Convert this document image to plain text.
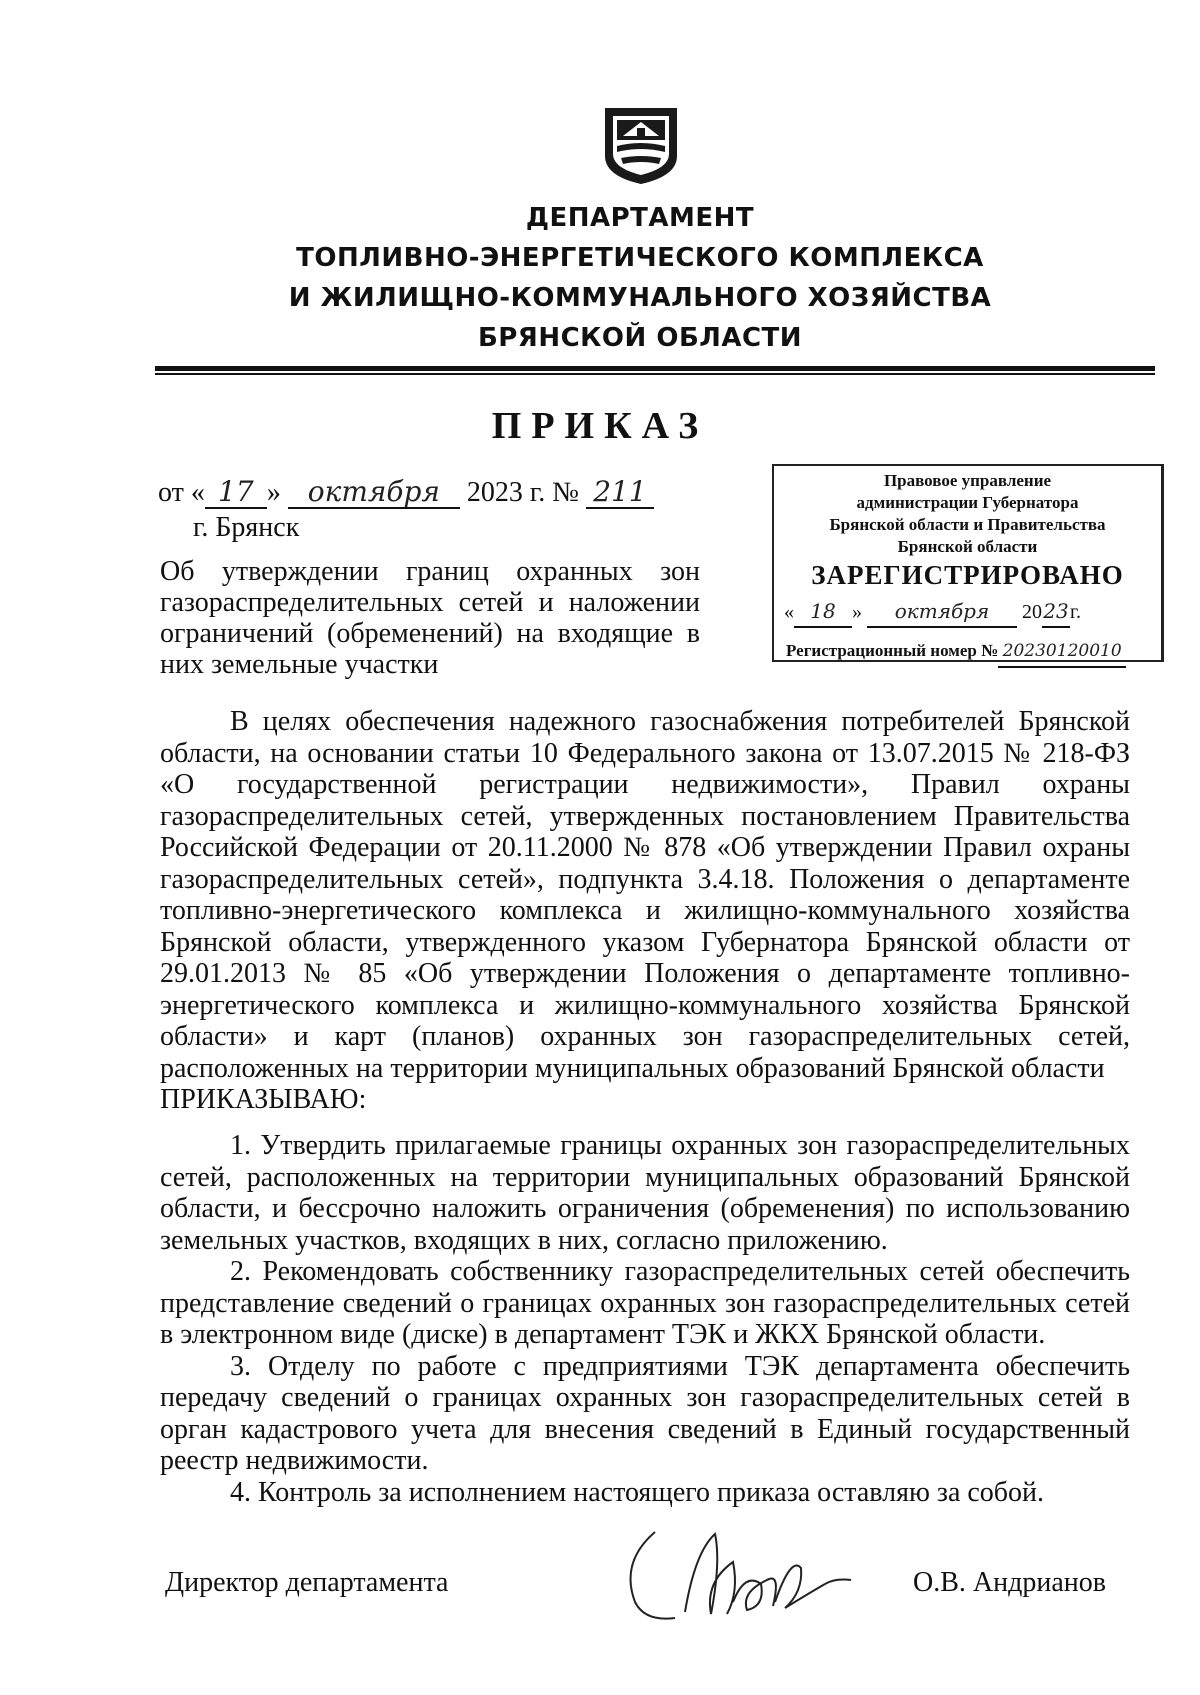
ДЕПАРТАМЕНТ
ТОПЛИВНО-ЭНЕРГЕТИЧЕСКОГО КОМПЛЕКСА
И ЖИЛИЩНО-КОММУНАЛЬНОГО ХОЗЯЙСТВА
БРЯНСКОЙ ОБЛАСТИ
ПРИКАЗ
от « 17 » октября 2023 г. № 211
г. Брянск
Об утверждении границ охранных зон газораспределительных сетей и наложении ограничений (обременений) на входящие в них земельные участки
Правовое управление
администрации Губернатора
Брянской области и Правительства
Брянской области
ЗАРЕГИСТРИРОВАНО
« 18 » октября 2023г.
Регистрационный номер № 20230120010

В целях обеспечения надежного газоснабжения потребителей Брянской области, на основании статьи 10 Федерального закона от 13.07.2015 № 218-ФЗ «О государственной регистрации недвижимости», Правил охраны газораспределительных сетей, утвержденных постановлением Правительства Российской Федерации от 20.11.2000 № 878 «Об утверждении Правил охраны газораспределительных сетей», подпункта 3.4.18. Положения о департаменте топливно-энергетического комплекса и жилищно-коммунального хозяйства Брянской области, утвержденного указом Губернатора Брянской области от 29.01.2013 № 85 «Об утверждении Положения о департаменте топливно-энергетического комплекса и жилищно-коммунального хозяйства Брянской области» и карт (планов) охранных зон газораспределительных сетей, расположенных на территории муниципальных образований Брянской области

ПРИКАЗЫВАЮ:

1. Утвердить прилагаемые границы охранных зон газораспределительных сетей, расположенных на территории муниципальных образований Брянской области, и бессрочно наложить ограничения (обременения) по использованию земельных участков, входящих в них, согласно приложению.

2. Рекомендовать собственнику газораспределительных сетей обеспечить представление сведений о границах охранных зон газораспределительных сетей в электронном виде (диске) в департамент ТЭК и ЖКХ Брянской области.

3. Отделу по работе с предприятиями ТЭК департамента обеспечить передачу сведений о границах охранных зон газораспределительных сетей в орган кадастрового учета для внесения сведений в Единый государственный реестр недвижимости.

4. Контроль за исполнением настоящего приказа оставляю за собой.

Директор департамента	О.В. Андрианов
